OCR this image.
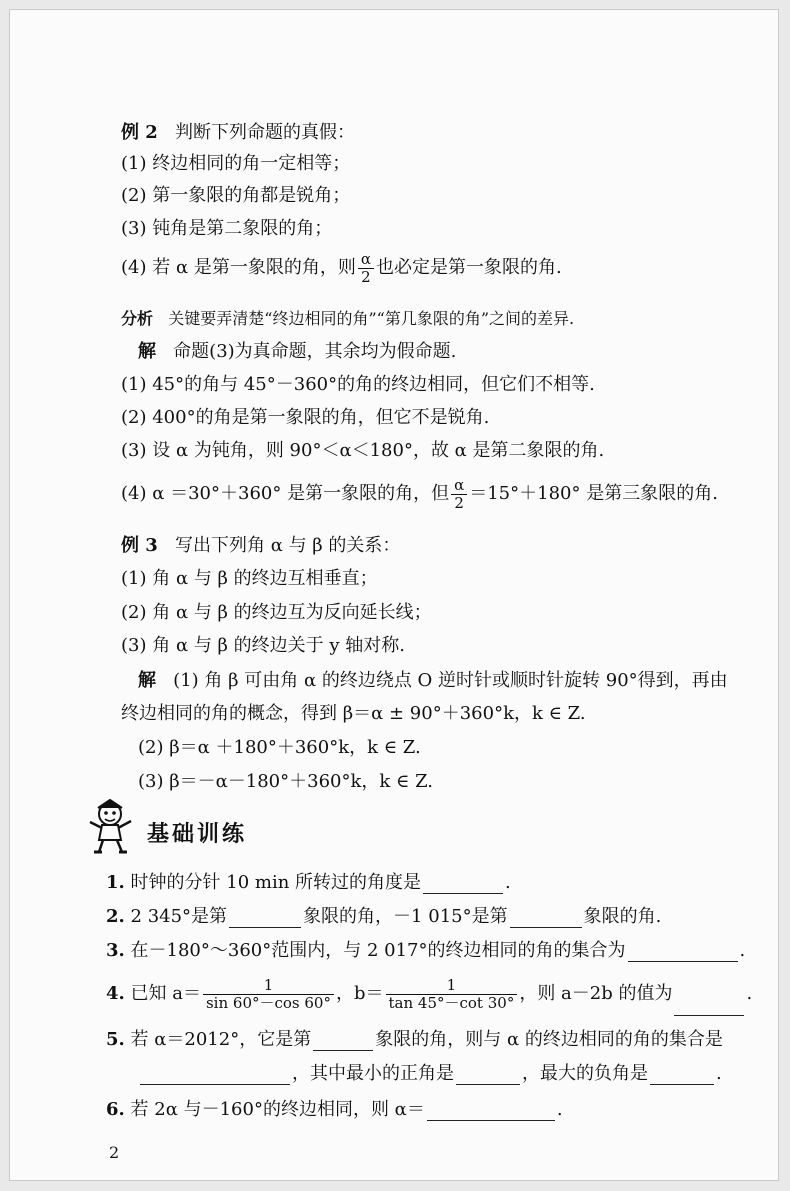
例 2 判断下列命题的真假：
(1) 终边相同的角一定相等；
(2) 第一象限的角都是锐角；
(3) 钝角是第二象限的角；
(4) 若 α 是第一象限的角，则 $\frac{\alpha}{2}$ 也必定是第一象限的角.
分析 关键要弄清楚“终边相同的角”“第几象限的角”之间的差异.
解 命题(3)为真命题，其余均为假命题.
(1) 45°的角与 45°－360°的角的终边相同，但它们不相等.
(2) 400°的角是第一象限的角，但它不是锐角.
(3) 设 α 为钝角，则 90°＜α＜180°，故 α 是第二象限的角.
(4) α ＝30°＋360° 是第一象限的角，但 $\frac{\alpha}{2} =15^\circ+180^\circ$ 是第三象限的角.
例 3 写出下列角 α 与 β 的关系：
(1) 角 α 与 β 的终边互相垂直；
(2) 角 α 与 β 的终边互为反向延长线；
(3) 角 α 与 β 的终边关于 y 轴对称.
解 (1) 角 β 可由角 α 的终边绕点 O 逆时针或顺时针旋转 90°得到，再由
终边相同的角的概念，得到 β＝α ± 90°＋360°k，k ∈ Z.
(2) β＝α ＋180°＋360°k，k ∈ Z.
(3) β＝－α－180°＋360°k，k ∈ Z.
基础训练
1. 时钟的分针 10 min 所转过的角度是	.
2. 2 345°是第	象限的角，－1 015°是第	象限的角.
3. 在－180°～360°范围内，与 2 017°的终边相同的角的集合为	.
4. 已知 $a= \frac{1}{\sin 60^\circ-\cos 60^\circ}$ ，$b= \frac{1}{\tan 45^\circ-\cot 30^\circ}$ ，则 a－2b 的值为	.
5. 若 α＝2012°，它是第	象限的角，则与 α 的终边相同的角的集合是
，其中最小的正角是	，最大的负角是	.
6. 若 2α 与－160°的终边相同，则 α＝	.
2
